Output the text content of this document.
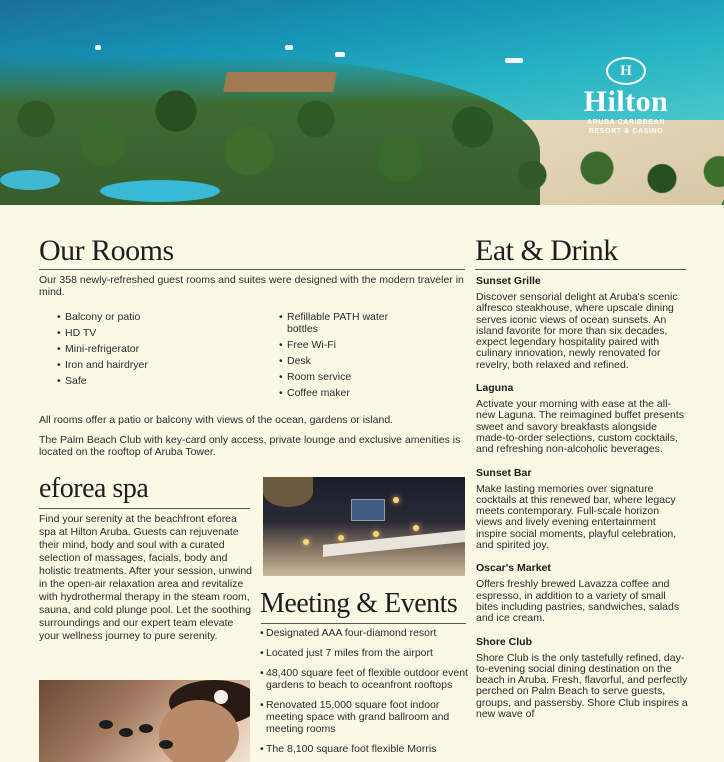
H
Hilton
ARUBA CARIBBEAN
RESORT & CASINO
Our Rooms

Our 358 newly-refreshed guest rooms and suites were designed with the modern traveler in mind.

• Balcony or patio
• HD TV
• Mini-refrigerator
• Iron and hairdryer
• Safe
• Refillable PATH water bottles
• Free Wi-Fi
• Desk
• Room service
• Coffee maker

All rooms offer a patio or balcony with views of the ocean, gardens or island.

The Palm Beach Club with key-card only access, private lounge and exclusive amenities is located on the rooftop of Aruba Tower.

eforea spa

Find your serenity at the beachfront eforea spa at Hilton Aruba. Guests can rejuvenate their mind, body and soul with a curated selection of massages, facials, body and holistic treatments. After your session, unwind in the open-air relaxation area and revitalize with hydrothermal therapy in the steam room, sauna, and cold plunge pool. Let the soothing surroundings and our expert team elevate your wellness journey to pure serenity.

Meeting & Events
• Designated AAA four-diamond resort
• Located just 7 miles from the airport
• 48,400 square feet of flexible outdoor event gardens to beach to oceanfront rooftops
• Renovated 15,000 square foot indoor meeting space with grand ballroom and meeting rooms
• The 8,100 square foot flexible Morris
Eat & Drink
Sunset Grille

Discover sensorial delight at Aruba's scenic alfresco steakhouse, where upscale dining serves iconic views of ocean sunsets. An island favorite for more than six decades, expect legendary hospitality paired with culinary innovation, newly renovated for revelry, both relaxed and refined.

Laguna

Activate your morning with ease at the all-new Laguna. The reimagined buffet presents sweet and savory breakfasts alongside made-to-order selections, custom cocktails, and refreshing non-alcoholic beverages.

Sunset Bar

Make lasting memories over signature cocktails at this renewed bar, where legacy meets contemporary. Full-scale horizon views and lively evening entertainment inspire social moments, playful celebration, and spirited joy.

Oscar's Market

Offers freshly brewed Lavazza coffee and espresso, in addition to a variety of small bites including pastries, sandwiches, salads and ice cream.

Shore Club

Shore Club is the only tastefully refined, day-to-evening social dining destination on the beach in Aruba. Fresh, flavorful, and perfectly perched on Palm Beach to serve guests, groups, and passersby. Shore Club inspires a new wave of
